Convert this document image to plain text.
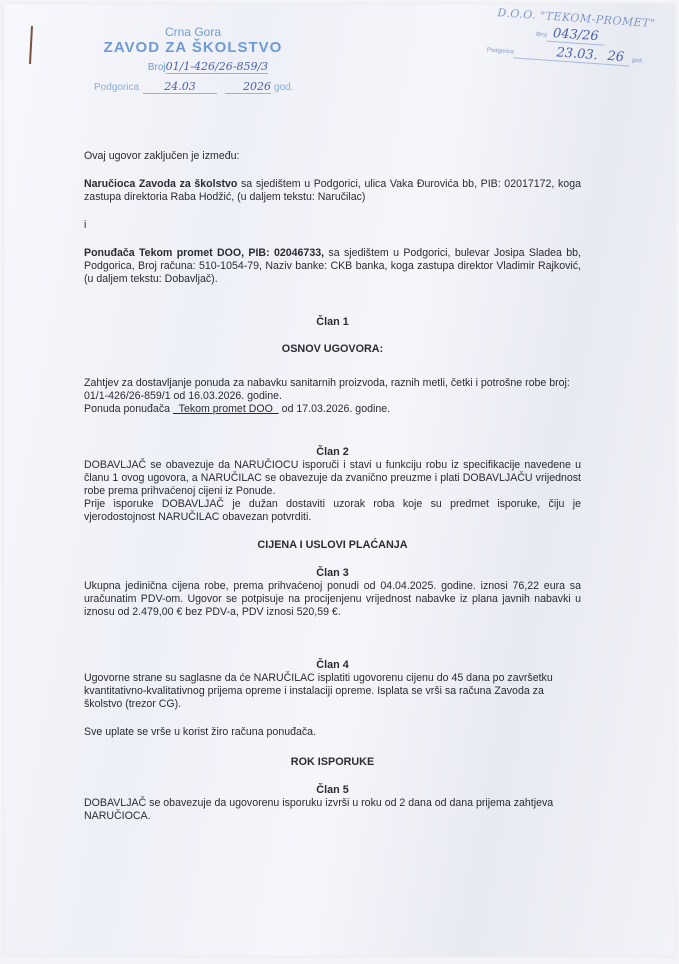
Crna Gora
ZAVOD ZA ŠKOLSTVO
Broj 01/1-426/26-859/3
Podgorica	24.03	2026 god.
D.O.O. "TEKOM-PROMET"
Broj 043/26
Podgorica	23.03. 26	god.

Ovaj ugovor zaključen je između:

Naručioca Zavoda za školstvo sa sjedištem u Podgorici, ulica Vaka Đurovića bb, PIB: 02017172, koga zastupa direktoria Raba Hodžić, (u daljem tekstu: Naručilac)

i

Ponuđača Tekom promet DOO, PIB: 02046733, sa sjedištem u Podgorici, bulevar Josipa Sladea bb, Podgorica, Broj računa: 510-1054-79, Naziv banke: CKB banka, koga zastupa direktor Vladimir Rajković, (u daljem tekstu: Dobavljač).

Član 1

OSNOV UGOVORA:

Zahtjev za dostavljanje ponuda za nabavku sanitarnih proizvoda, raznih metli, četki i potrošne robe broj: 01/1-426/26-859/1 od 16.03.2026. godine.

Ponuda ponuđača   Tekom promet DOO   od 17.03.2026. godine.

Član 2

DOBAVLJAČ se obavezuje da NARUČIOCU isporuči i stavi u funkciju robu iz specifikacije navedene u članu 1 ovog ugovora, a NARUČILAC se obavezuje da zvanično preuzme i plati DOBAVLJAČU vrijednost robe prema prihvaćenoj cijeni iz Ponude.

Prije isporuke DOBAVLJAČ je dužan dostaviti uzorak roba koje su predmet isporuke, čiju je vjerodostojnost NARUČILAC obavezan potvrditi.

CIJENA I USLOVI PLAĆANJA

Član 3

Ukupna jedinična cijena robe, prema prihvaćenoj ponudi od 04.04.2025. godine. iznosi 76,22 eura sa uračunatim PDV-om. Ugovor se potpisuje na procijenjenu vrijednost nabavke iz plana javnih nabavki u iznosu od 2.479,00 € bez PDV-a, PDV iznosi 520,59 €.

Član 4

Ugovorne strane su saglasne da će NARUČILAC isplatiti ugovorenu cijenu do 45 dana po završetku kvantitativno-kvalitativnog prijema opreme i instalaciji opreme. Isplata se vrši sa računa Zavoda za školstvo (trezor CG).

Sve uplate se vrše u korist žiro računa ponuđača.

ROK ISPORUKE

Član 5

DOBAVLJAČ se obavezuje da ugovorenu isporuku izvrši u roku od 2 dana od dana prijema zahtjeva NARUČIOCA.
